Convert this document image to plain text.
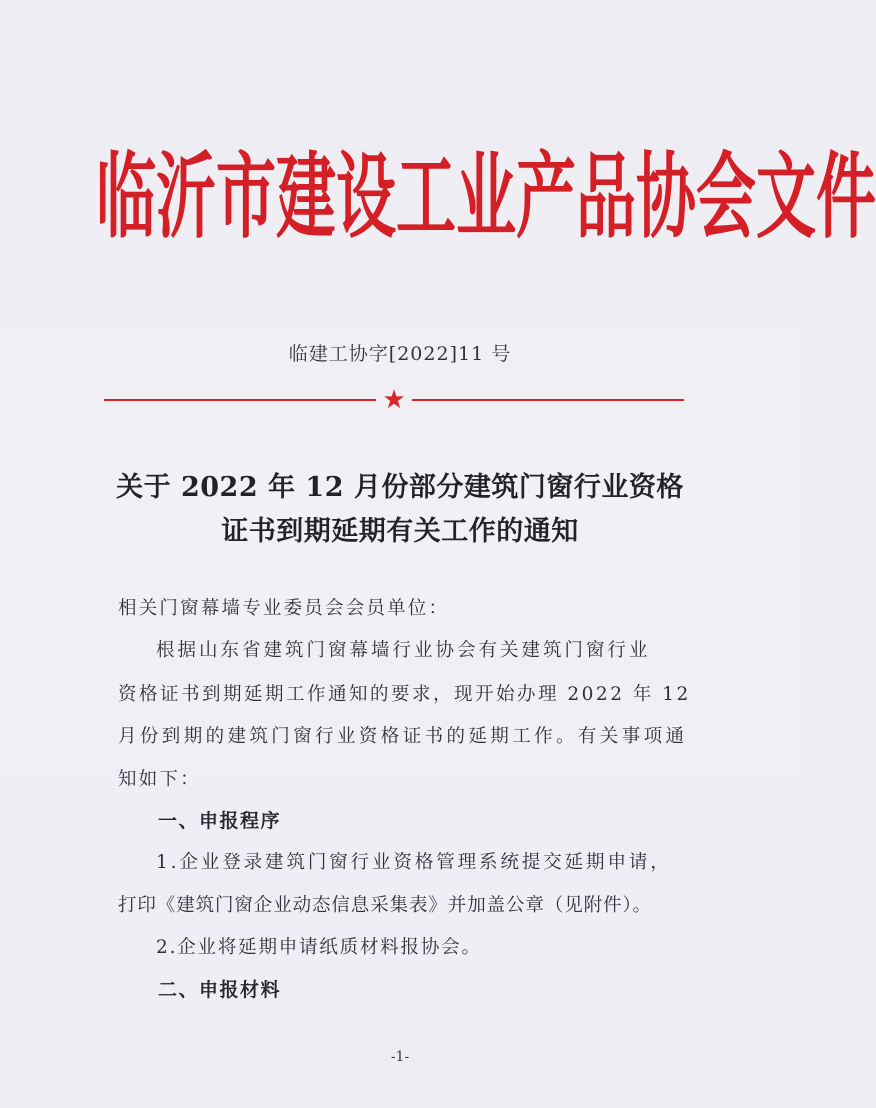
临 沂 市 建 设 工 业 产 品 协 会 文 件
临建工协字[2022]11 号
★
关于 2022 年 12 月份部分建筑门窗行业资格
证书到期延期有关工作的通知
相关门窗幕墙专业委员会会员单位：
根据山东省建筑门窗幕墙行业协会有关建筑门窗行业
资格证书到期延期工作通知的要求，现开始办理 2022 年 12
月份到期的建筑门窗行业资格证书的延期工作。有关事项通
知如下：
一、申报程序
1.企业登录建筑门窗行业资格管理系统提交延期申请，
打印《建筑门窗企业动态信息采集表》并加盖公章（见附件）。
2.企业将延期申请纸质材料报协会。
二、申报材料
-1-
